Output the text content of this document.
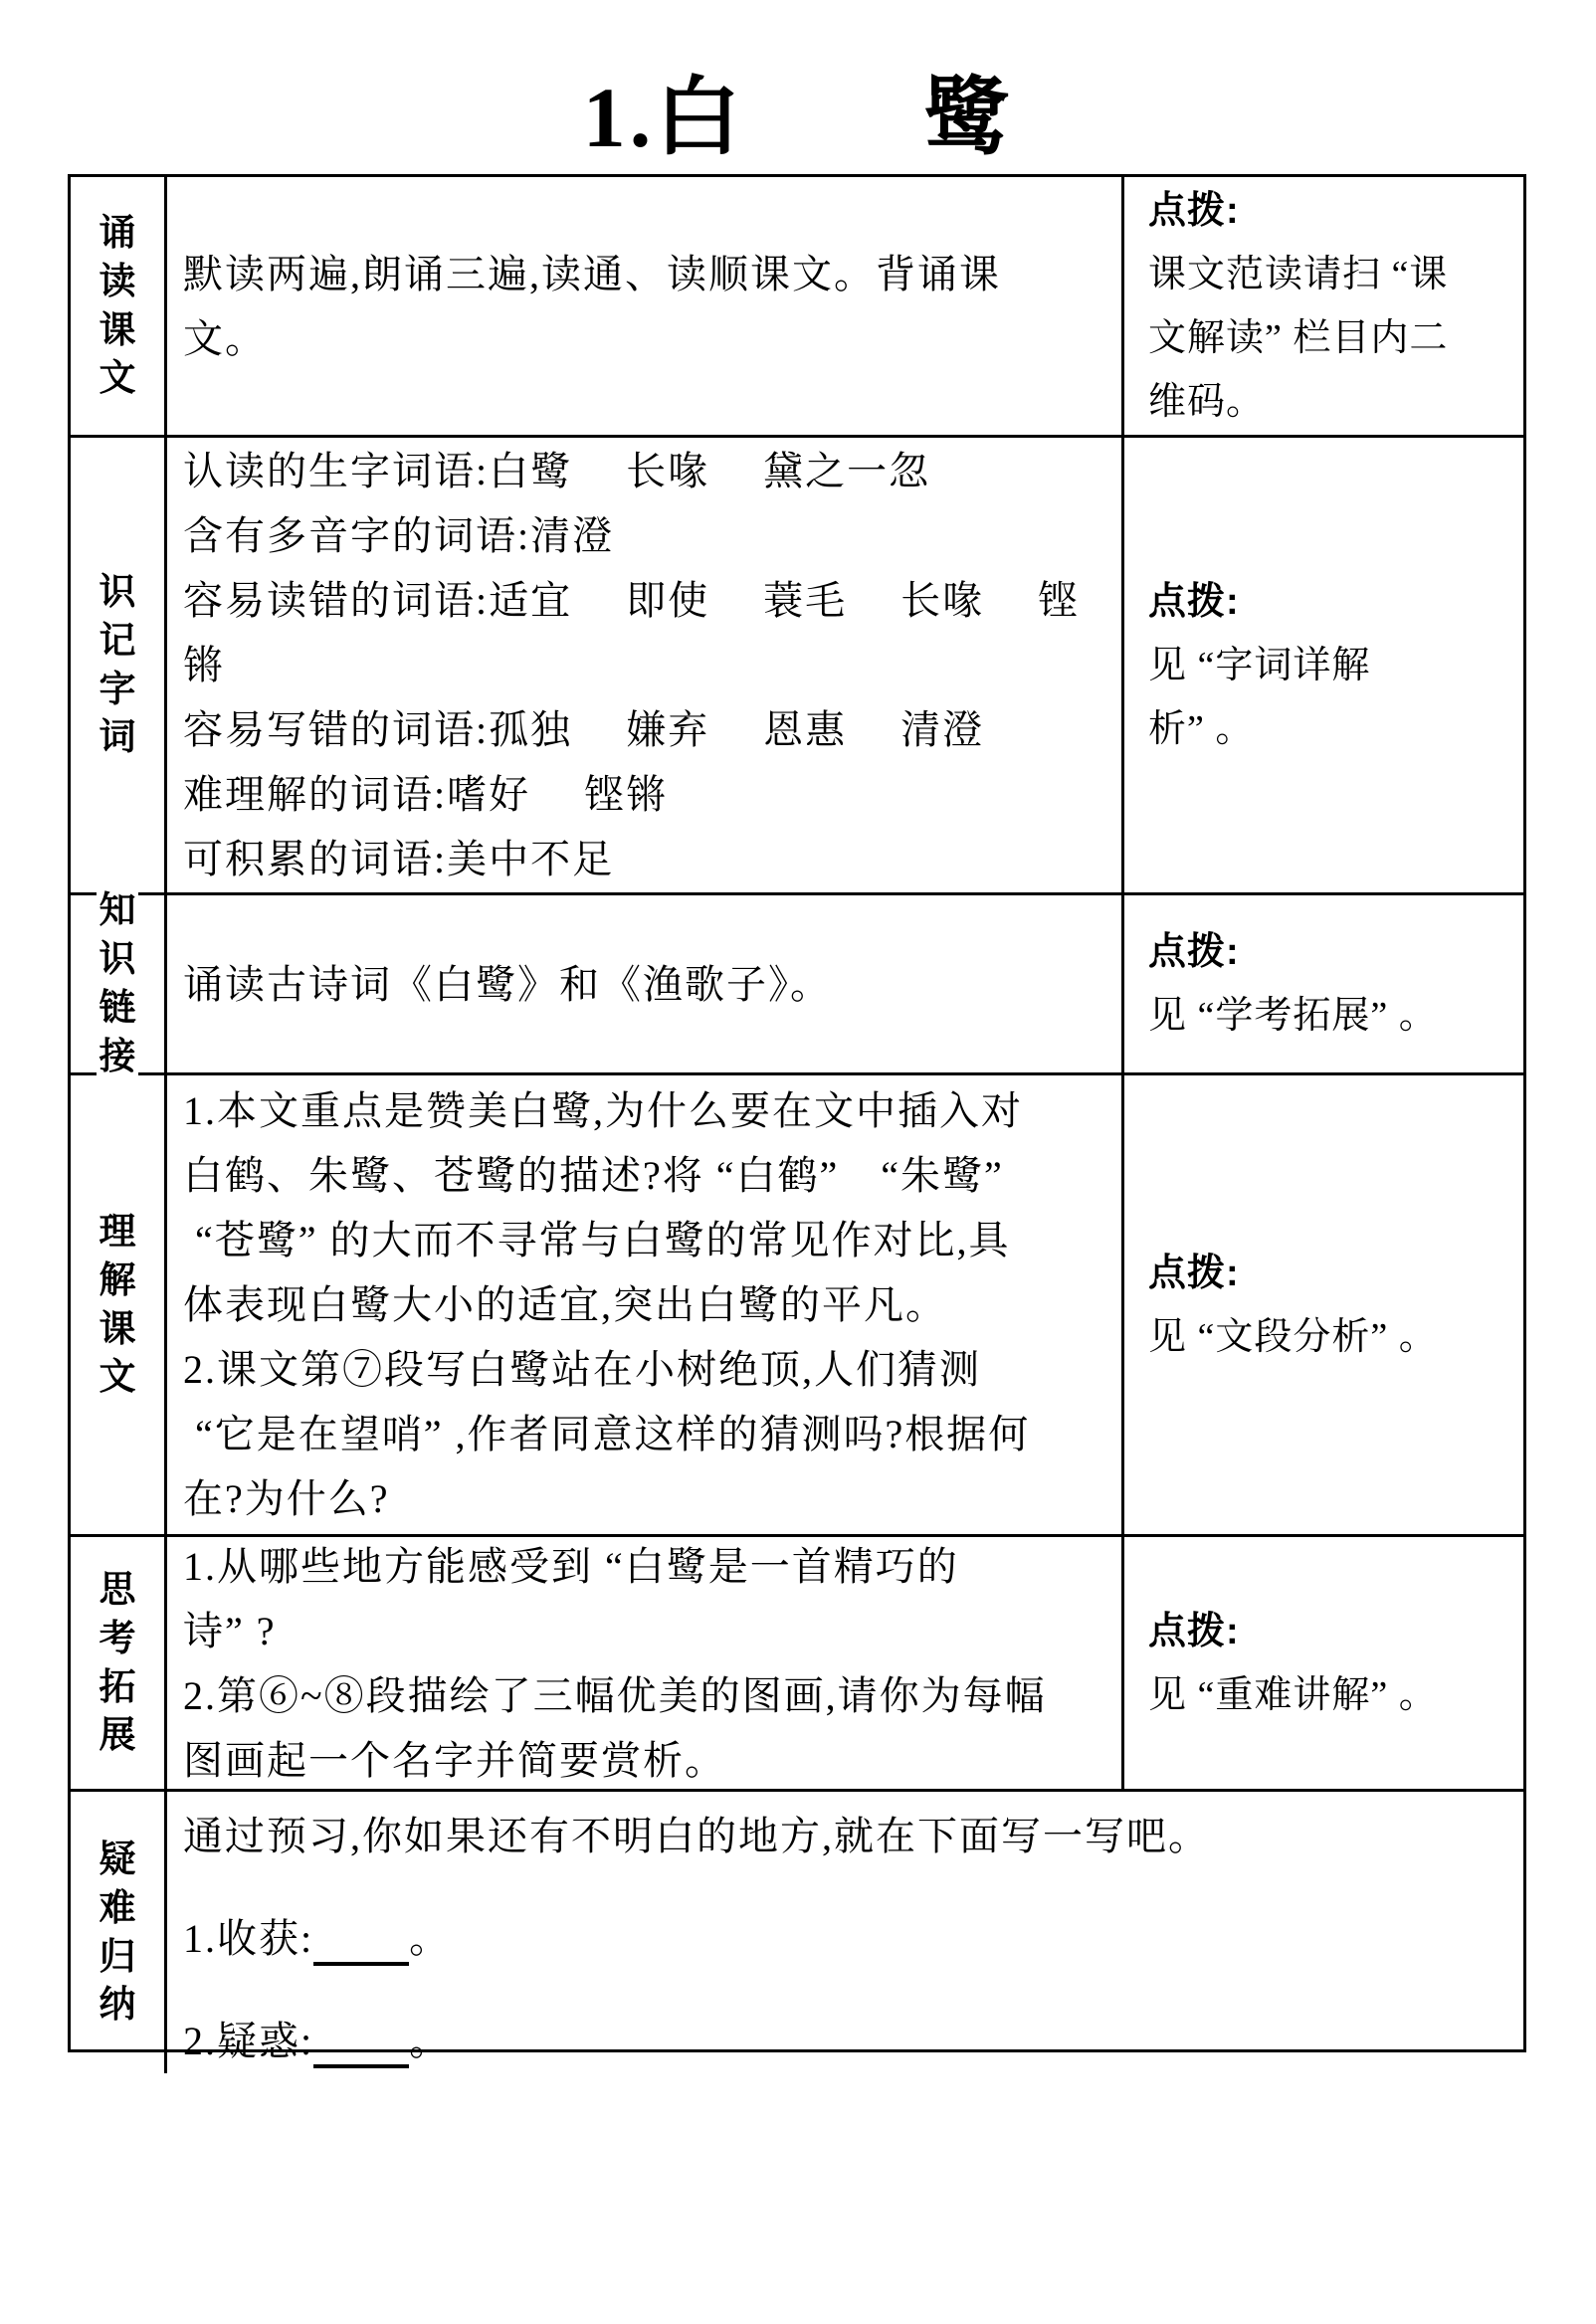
1.白　　鹭
诵读课文
默读两遍,朗诵三遍,读通、读顺课文。背诵课
文。
点拨:
课文范读请扫 “课
文解读” 栏目内二
维码。
识记字词
认读的生字词语:白鹭　 长喙　 黛之一忽
含有多音字的词语:清澄
容易读错的词语:适宜　 即使　 蓑毛　 长喙　 铿
锵
容易写错的词语:孤独　 嫌弃　 恩惠　 清澄
难理解的词语:嗜好　 铿锵
可积累的词语:美中不足
点拨:
见 “字词详解
析” 。
知识链接
诵读古诗词《白鹭》和《渔歌子》。
点拨:
见 “学考拓展” 。
理解课文
1.本文重点是赞美白鹭,为什么要在文中插入对
白鹤、朱鹭、苍鹭的描述?将 “白鹤”　“朱鹭”
“苍鹭” 的大而不寻常与白鹭的常见作对比,具
体表现白鹭大小的适宜,突出白鹭的平凡。
2.课文第⑦段写白鹭站在小树绝顶,人们猜测
“它是在望哨” ,作者同意这样的猜测吗?根据何
在?为什么?
点拨:
见 “文段分析” 。
思考拓展
1.从哪些地方能感受到 “白鹭是一首精巧的
诗” ?
2.第⑥~⑧段描绘了三幅优美的图画,请你为每幅
图画起一个名字并简要赏析。
点拨:
见 “重难讲解” 。
疑难归纳
通过预习,你如果还有不明白的地方,就在下面写一写吧。
1.收获: 。
2.疑惑: 。
